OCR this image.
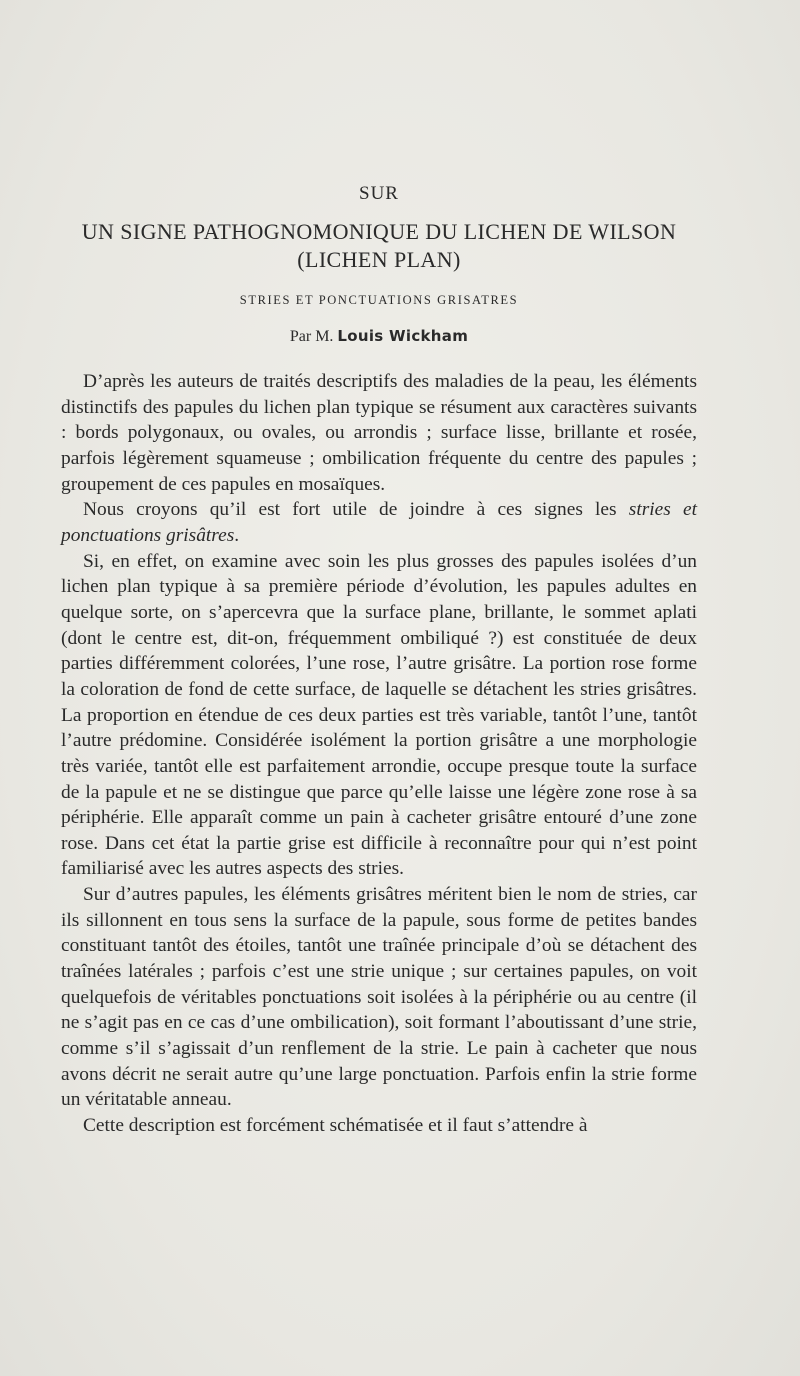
SUR
UN SIGNE PATHOGNOMONIQUE DU LICHEN DE WILSON
(LICHEN PLAN)
STRIES ET PONCTUATIONS GRISATRES
Par M. Louis Wickham

D’après les auteurs de traités descriptifs des maladies de la peau, les éléments distinctifs des papules du lichen plan typique se résument aux caractères suivants : bords polygonaux, ou ovales, ou arrondis ; surface lisse, brillante et rosée, parfois légèrement squameuse ; ombilication fréquente du centre des papules ; groupement de ces papules en mosaïques.

Nous croyons qu’il est fort utile de joindre à ces signes les stries et ponctuations grisâtres.

Si, en effet, on examine avec soin les plus grosses des papules isolées d’un lichen plan typique à sa première période d’évolution, les papules adultes en quelque sorte, on s’apercevra que la surface plane, brillante, le sommet aplati (dont le centre est, dit-on, fréquemment ombiliqué ?) est constituée de deux parties différemment colorées, l’une rose, l’autre grisâtre. La portion rose forme la coloration de fond de cette surface, de laquelle se détachent les stries grisâtres. La proportion en étendue de ces deux parties est très variable, tantôt l’une, tantôt l’autre prédomine. Considérée isolément la portion grisâtre a une morphologie très variée, tantôt elle est parfaitement arrondie, occupe presque toute la surface de la papule et ne se distingue que parce qu’elle laisse une légère zone rose à sa périphérie. Elle apparaît comme un pain à cacheter grisâtre entouré d’une zone rose. Dans cet état la partie grise est difficile à reconnaître pour qui n’est point familiarisé avec les autres aspects des stries.

Sur d’autres papules, les éléments grisâtres méritent bien le nom de stries, car ils sillonnent en tous sens la surface de la papule, sous forme de petites bandes constituant tantôt des étoiles, tantôt une traînée principale d’où se détachent des traînées latérales ; parfois c’est une strie unique ; sur certaines papules, on voit quelquefois de véritables ponctuations soit isolées à la périphérie ou au centre (il ne s’agit pas en ce cas d’une ombilication), soit formant l’aboutissant d’une strie, comme s’il s’agissait d’un renflement de la strie. Le pain à cacheter que nous avons décrit ne serait autre qu’une large ponctuation. Parfois enfin la strie forme un véritatable anneau.

Cette description est forcément schématisée et il faut s’attendre à
